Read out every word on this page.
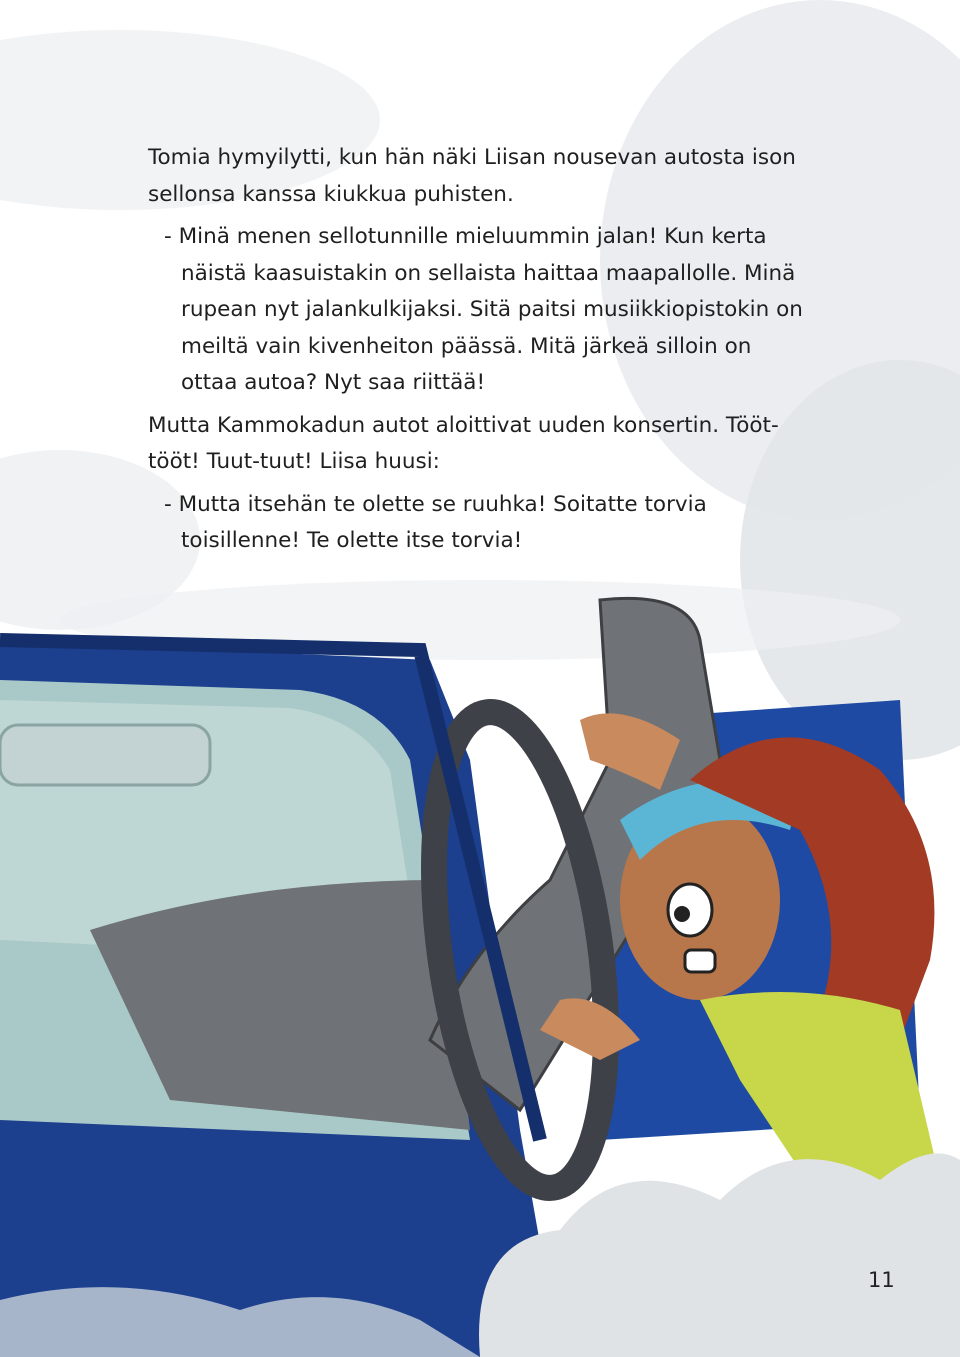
Tomia hymyilytti, kun hän näki Liisan nousevan autosta ison sellonsa kanssa kiukkua puhisten.

- Minä menen sellotunnille mieluummin jalan! Kun kerta näistä kaasuistakin on sellaista haittaa maapallolle. Minä rupean nyt jalankulkijaksi. Sitä paitsi musiikkiopistokin on meiltä vain kivenheiton päässä. Mitä järkeä silloin on ottaa autoa? Nyt saa riittää!

Mutta Kammokadun autot aloittivat uuden konsertin. Tööt-tööt! Tuut-tuut! Liisa huusi:

- Mutta itsehän te olette se ruuhka! Soitatte torvia toisillenne! Te olette itse torvia!

11
